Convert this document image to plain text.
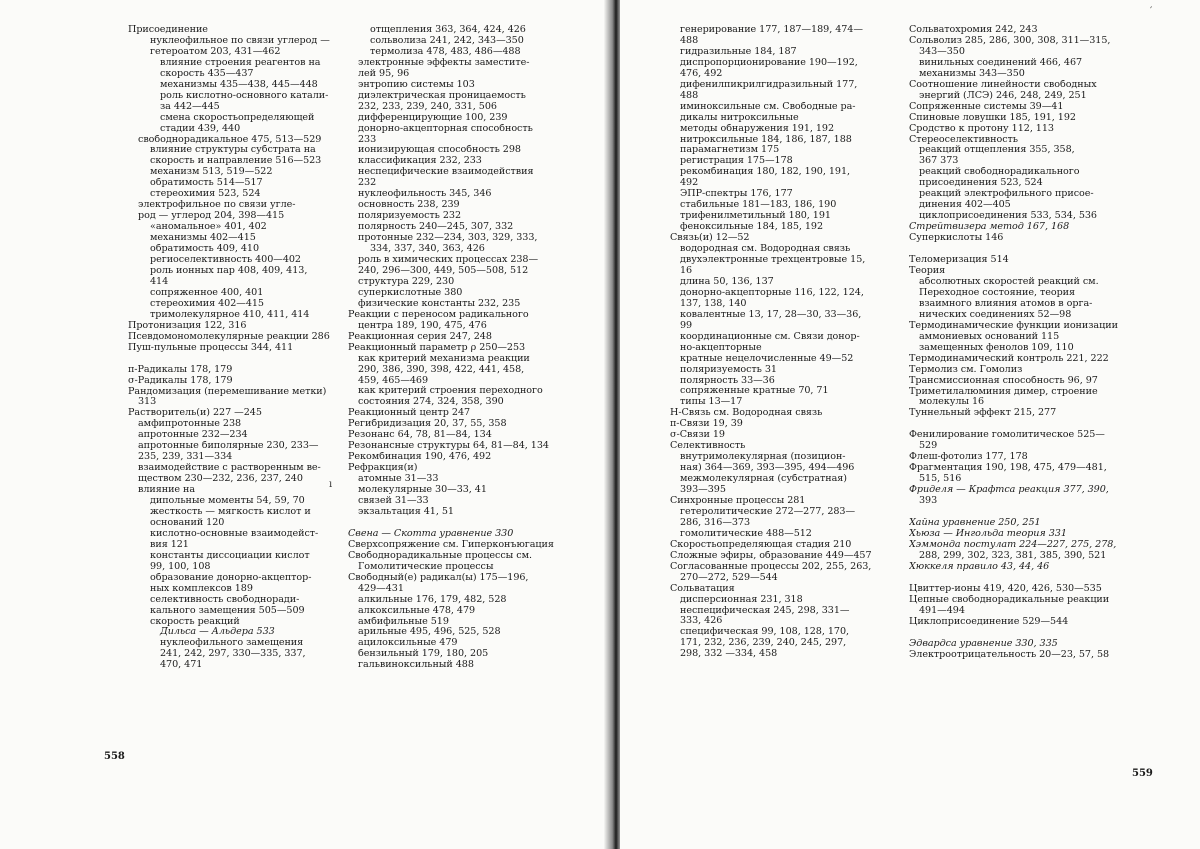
Присоединение
нуклеофильное по связи углерод —
гетероатом 203, 431—462
влияние строения реагентов на
скорость 435—437
механизмы 435—438, 445—448
роль кислотно-основного катали-
за 442—445
смена скоростьопределяющей
стадии 439, 440
свободнорадикальное 475, 513—529
влияние структуры субстрата на
скорость и направление 516—523
механизм 513, 519—522
обратимость 514—517
стереохимия 523, 524
электрофильное по связи угле-
род — углерод 204, 398—415
«аномальное» 401, 402
механизмы 402—415
обратимость 409, 410
региоселективность 400—402
роль ионных пар 408, 409, 413,
414
сопряженное 400, 401
стереохимия 402—415
тримолекулярное 410, 411, 414
Протонизация 122, 316
Псевдомономолекулярные реакции 286
Пуш-пульные процессы 344, 411
π-Радикалы 178, 179
σ-Радикалы 178, 179
Рандомизация (перемешивание метки)
313
Растворитель(и) 227 —245
амфипротонные 238
апротонные 232—234
апротонные биполярные 230, 233—
235, 239, 331—334
взаимодействие с растворенным ве-
ществом 230—232, 236, 237, 240
влияние на
дипольные моменты 54, 59, 70
жесткость — мягкость кислот и
оснований 120
кислотно-основные взаимодейст-
вия 121
константы диссоциации кислот
99, 100, 108
образование донорно-акцептор-
ных комплексов 189
селективность свободноради-
кального замещения 505—509
скорость реакций
Дильса — Альдера 533
нуклеофильного замещения
241, 242, 297, 330—335, 337,
470, 471
отщепления 363, 364, 424, 426
сольволиза 241, 242, 343—350
термолиза 478, 483, 486—488
электронные эффекты заместите-
лей 95, 96
энтропию системы 103
диэлектрическая проницаемость
232, 233, 239, 240, 331, 506
дифференцирующие 100, 239
донорно-акцепторная способность
233
ионизирующая способность 298
классификация 232, 233
неспецифические взаимодействия
232
нуклеофильность 345, 346
основность 238, 239
поляризуемость 232
полярность 240—245, 307, 332
протонные 232—234, 303, 329, 333,
334, 337, 340, 363, 426
роль в химических процессах 238—
240, 296—300, 449, 505—508, 512
структура 229, 230
суперкислотные 380
физические константы 232, 235
Реакции с переносом радикального
центра 189, 190, 475, 476
Реакционная серия 247, 248
Реакционный параметр ρ 250—253
как критерий механизма реакции
290, 386, 390, 398, 422, 441, 458,
459, 465—469
как критерий строения переходного
состояния 274, 324, 358, 390
Реакционный центр 247
Регибридизация 20, 37, 55, 358
Резонанс 64, 78, 81—84, 134
Резонансные структуры 64, 81—84, 134
Рекомбинация 190, 476, 492
Рефракция(и)
атомные 31—33
молекулярные 30—33, 41
связей 31—33
экзальтация 41, 51
Свена — Скотта уравнение 330
Сверхсопряжение см. Гиперконъюгация
Свободнорадикальные процессы см.
Гомолитические процессы
Свободный(е) радикал(ы) 175—196,
429—431
алкильные 176, 179, 482, 528
алкоксильные 478, 479
амбифильные 519
арильные 495, 496, 525, 528
ацилоксильные 479
бензильный 179, 180, 205
гальвиноксильный 488
558
ı
генерирование 177, 187—189, 474—
488
гидразильные 184, 187
диспропорционирование 190—192,
476, 492
дифенилпикрилгидразильный 177,
488
иминоксильные см. Свободные ра-
дикалы нитроксильные
методы обнаружения 191, 192
нитроксильные 184, 186, 187, 188
парамагнетизм 175
регистрация 175—178
рекомбинация 180, 182, 190, 191,
492
ЭПР-спектры 176, 177
стабильные 181—183, 186, 190
трифенилметильный 180, 191
феноксильные 184, 185, 192
Связь(и) 12—52
водородная см. Водородная связь
двухэлектронные трехцентровые 15,
16
длина 50, 136, 137
донорно-акцепторные 116, 122, 124,
137, 138, 140
ковалентные 13, 17, 28—30, 33—36,
99
координационные см. Связи донор-
но-акцепторные
кратные нецелочисленные 49—52
поляризуемость 31
полярность 33—36
сопряженные кратные 70, 71
типы 13—17
Н-Связь см. Водородная связь
π-Связи 19, 39
σ-Связи 19
Селективность
внутримолекулярная (позицион-
ная) 364—369, 393—395, 494—496
межмолекулярная (субстратная)
393—395
Синхронные процессы 281
гетеролитические 272—277, 283—
286, 316—373
гомолитические 488—512
Скоростьопределяющая стадия 210
Сложные эфиры, образование 449—457
Согласованные процессы 202, 255, 263,
270—272, 529—544
Сольватация
дисперсионная 231, 318
неспецифическая 245, 298, 331—
333, 426
специфическая 99, 108, 128, 170,
171, 232, 236, 239, 240, 245, 297,
298, 332 —334, 458
Сольватохромия 242, 243
Сольволиз 285, 286, 300, 308, 311—315,
343—350
винильных соединений 466, 467
механизмы 343—350
Соотношение линейности свободных
энергий (ЛСЭ) 246, 248, 249, 251
Сопряженные системы 39—41
Спиновые ловушки 185, 191, 192
Сродство к протону 112, 113
Стереоселективность
реакций отщепления 355, 358,
367 373
реакций свободнорадикального
присоединения 523, 524
реакций электрофильного присое-
динения 402—405
циклоприсоединения 533, 534, 536
Стрейтвизера метод 167, 168
Суперкислоты 146
Теломеризация 514
Теория
абсолютных скоростей реакций см.
Переходное состояние, теория
взаимного влияния атомов в орга-
нических соединениях 52—98
Термодинамические функции ионизации
аммониевых оснований 115
замещенных фенолов 109, 110
Термодинамический контроль 221, 222
Термолиз см. Гомолиз
Трансмиссионная способность 96, 97
Триметилалюминия димер, строение
молекулы 16
Туннельный эффект 215, 277
Фенилирование гомолитическое 525—
529
Флеш-фотолиз 177, 178
Фрагментация 190, 198, 475, 479—481,
515, 516
Фриделя — Крафтса реакция 377, 390,
393
Хайна уравнение 250, 251
Хьюза — Ингольда теория 331
Хэммонда постулат 224—227, 275, 278,
288, 299, 302, 323, 381, 385, 390, 521
Хюккеля правило 43, 44, 46
Цвиттер-ионы 419, 420, 426, 530—535
Цепные свободнорадикальные реакции
491—494
Циклоприсоединение 529—544
Эдвардса уравнение 330, 335
Электроотрицательность 20—23, 57, 58
559
′
